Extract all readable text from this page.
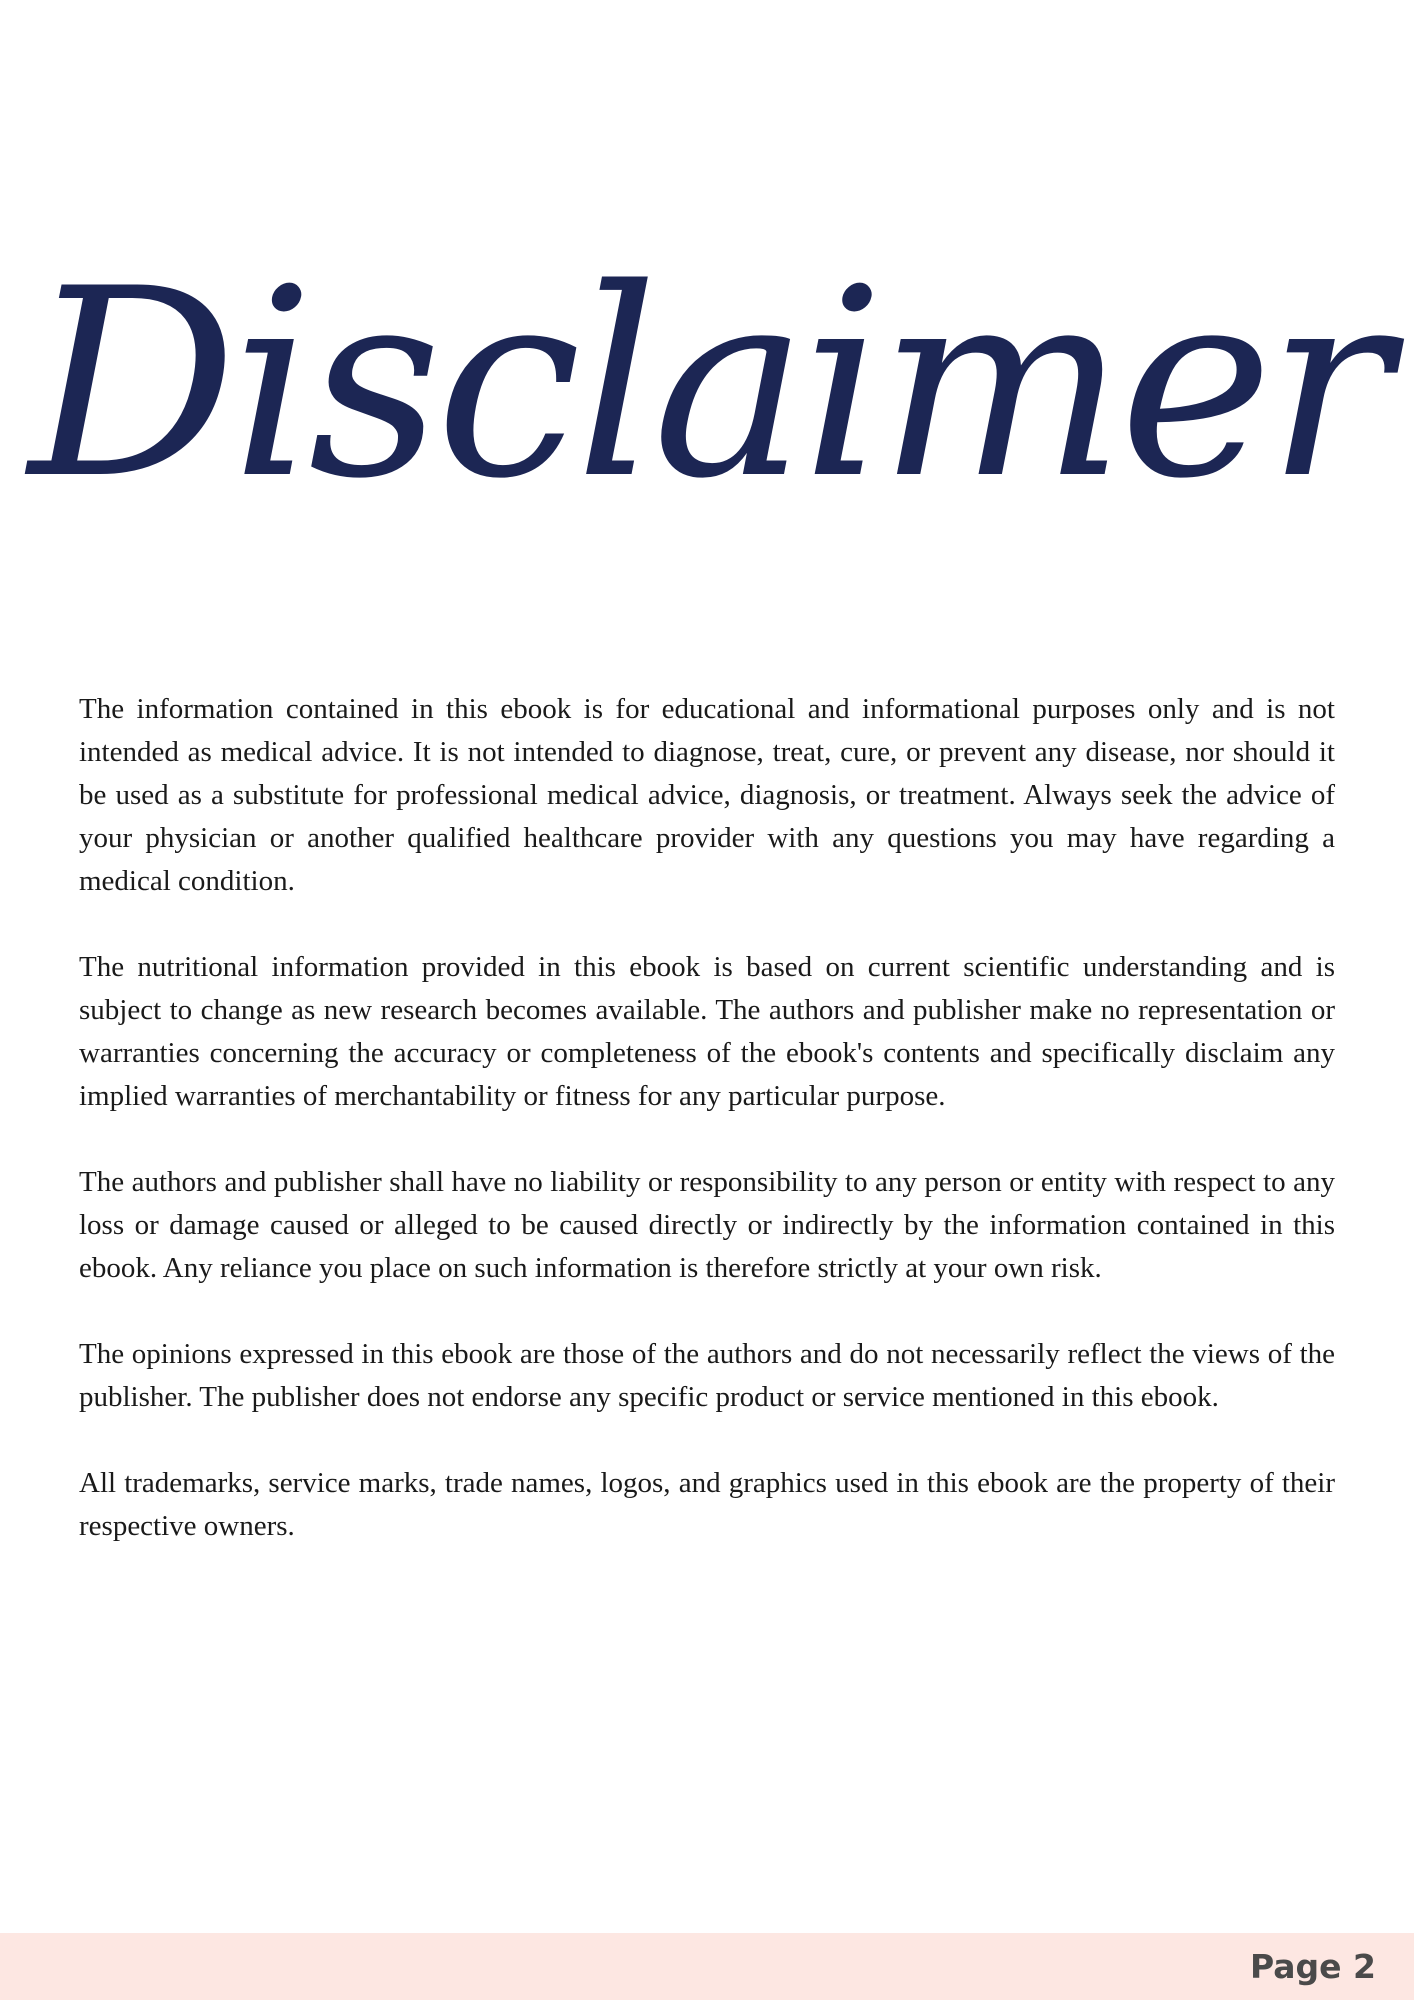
Disclaimer

The information contained in this ebook is for educational and informational purposes only and is not intended as medical advice. It is not intended to diagnose, treat, cure, or prevent any disease, nor should it be used as a substitute for professional medical advice, diagnosis, or treatment. Always seek the advice of your physician or another qualified healthcare provider with any questions you may have regarding a medical condition.

The nutritional information provided in this ebook is based on current scientific understanding and is subject to change as new research becomes available. The authors and publisher make no representation or warranties concerning the accuracy or completeness of the ebook's contents and specifically disclaim any implied warranties of merchantability or fitness for any particular purpose.

The authors and publisher shall have no liability or responsibility to any person or entity with respect to any loss or damage caused or alleged to be caused directly or indirectly by the information contained in this ebook. Any reliance you place on such information is therefore strictly at your own risk.

The opinions expressed in this ebook are those of the authors and do not necessarily reflect the views of the publisher. The publisher does not endorse any specific product or service mentioned in this ebook.

All trademarks, service marks, trade names, logos, and graphics used in this ebook are the property of their respective owners.

Page 2
